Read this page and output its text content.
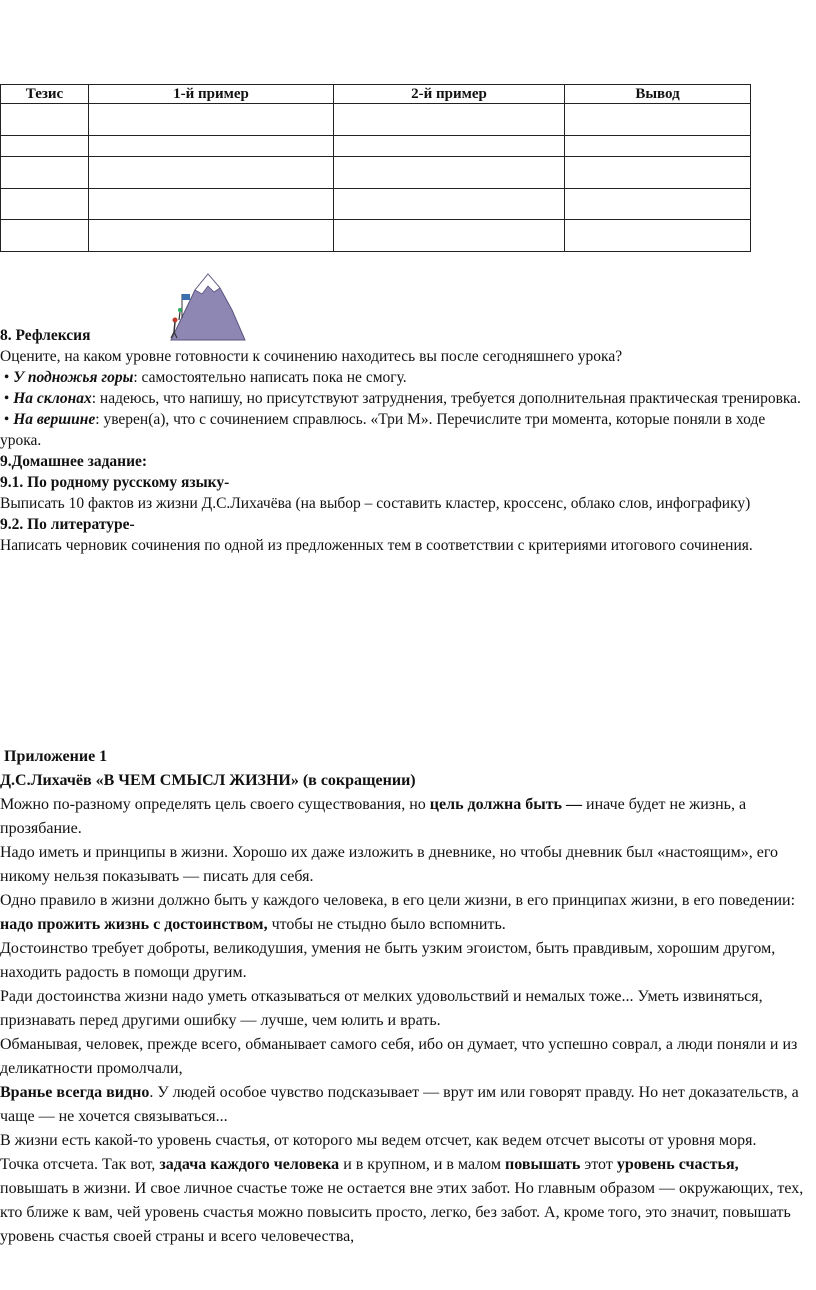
Тезис	1-й пример	2-й пример	Вывод

8. Рефлексия

Оцените, на каком уровне готовности к сочинению находитесь вы после сегодняшнего урока?

• У подножья горы: самостоятельно написать пока не смогу.

• На склонах: надеюсь, что напишу, но присутствуют затруднения, требуется дополнительная практическая тренировка.

• На вершине: уверен(а), что с сочинением справлюсь. «Три М». Перечислите три момента, которые поняли в ходе урока.

9.Домашнее задание:

9.1. По родному русскому языку-

Выписать 10 фактов из жизни Д.С.Лихачёва (на выбор – составить кластер, кроссенс, облако слов, инфографику)

9.2. По литературе-

Написать черновик сочинения по одной из предложенных тем в соответствии с критериями итогового сочинения.

Приложение 1

Д.С.Лихачёв «В ЧЕМ СМЫСЛ ЖИЗНИ» (в сокращении)

Можно по-разному определять цель своего существования, но цель должна быть — иначе будет не жизнь, а прозябание.

Надо иметь и принципы в жизни. Хорошо их даже изложить в дневнике, но чтобы дневник был «настоящим», его никому нельзя показывать — писать для себя.

Одно правило в жизни должно быть у каждого человека, в его цели жизни, в его принципах жизни, в его поведении: надо прожить жизнь с достоинством, чтобы не стыдно было вспомнить.

Достоинство требует доброты, великодушия, умения не быть узким эгоистом, быть правдивым, хорошим другом, находить радость в помощи другим.

Ради достоинства жизни надо уметь отказываться от мелких удовольствий и немалых тоже... Уметь извиняться, признавать перед другими ошибку — лучше, чем юлить и врать.

Обманывая, человек, прежде всего, обманывает самого себя, ибо он думает, что успешно соврал, а люди поняли и из деликатности промолчали,

Вранье всегда видно. У людей особое чувство подсказывает — врут им или говорят правду. Но нет доказательств, а чаще — не хочется связываться...

В жизни есть какой-то уровень счастья, от которого мы ведем отсчет, как ведем отсчет высоты от уровня моря.

Точка отсчета. Так вот, задача каждого человека и в крупном, и в малом повышать этот уровень счастья, повышать в жизни. И свое личное счастье тоже не остается вне этих забот. Но главным образом — окружающих, тех, кто ближе к вам, чей уровень счастья можно повысить просто, легко, без забот. А, кроме того, это значит, повышать уровень счастья своей страны и всего человечества,
